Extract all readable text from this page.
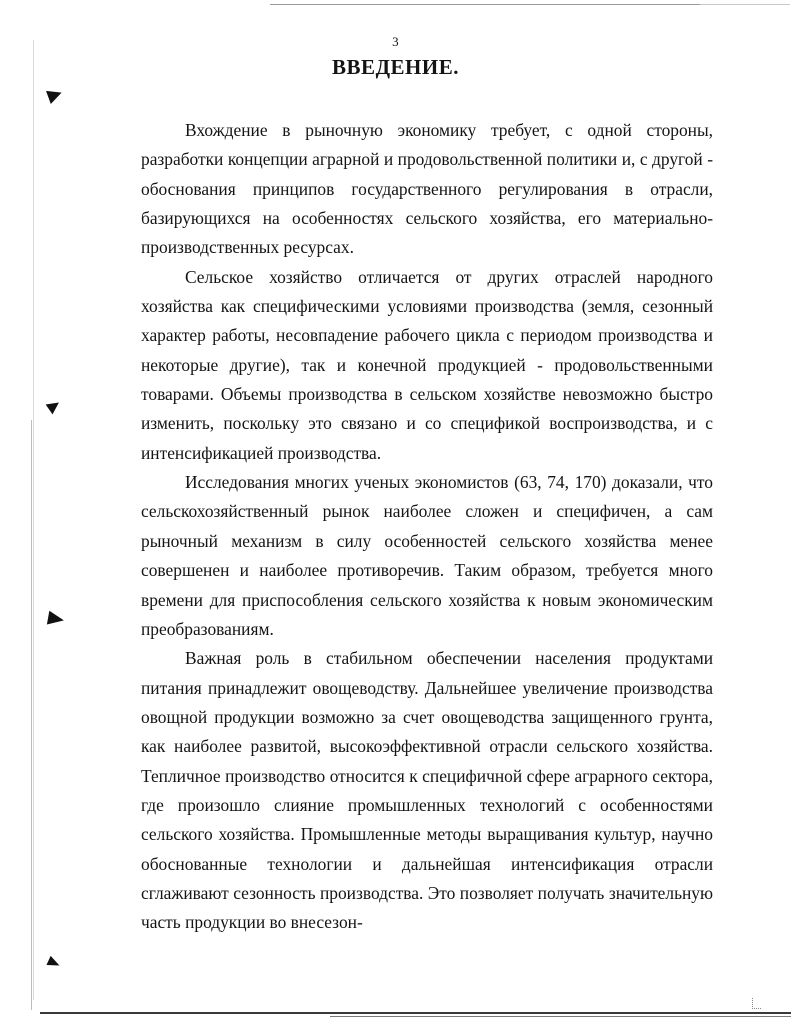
3
ВВЕДЕНИЕ.

Вхождение в рыночную экономику требует, с одной стороны, разработки концепции аграрной и продовольственной политики и, с другой - обоснования принципов государственного регулирования в отрасли, базирующихся на особенностях сельского хозяйства, его материально-производственных ресурсах.

Сельское хозяйство отличается от других отраслей народного хозяйства как специфическими условиями производства (земля, сезонный характер работы, несовпадение рабочего цикла с периодом производства и некоторые другие), так и конечной продукцией - продовольственными товарами. Объемы производства в сельском хозяйстве невозможно быстро изменить, поскольку это связано и со спецификой воспроизводства, и с интенсификацией производства.

Исследования многих ученых экономистов (63, 74, 170) доказали, что сельскохозяйственный рынок наиболее сложен и специфичен, а сам рыночный механизм в силу особенностей сельского хозяйства менее совершенен и наиболее противоречив. Таким образом, требуется много времени для приспособления сельского хозяйства к новым экономическим преобразованиям.

Важная роль в стабильном обеспечении населения продуктами питания принадлежит овощеводству. Дальнейшее увеличение производства овощной продукции возможно за счет овощеводства защищенного грунта, как наиболее развитой, высокоэффективной отрасли сельского хозяйства. Тепличное производство относится к специфичной сфере аграрного сектора, где произошло слияние промышленных технологий с особенностями сельского хозяйства. Промышленные методы выращивания культур, научно обоснованные технологии и дальнейшая интенсификация отрасли сглаживают сезонность производства. Это позволяет получать значительную часть продукции во внесезон-
